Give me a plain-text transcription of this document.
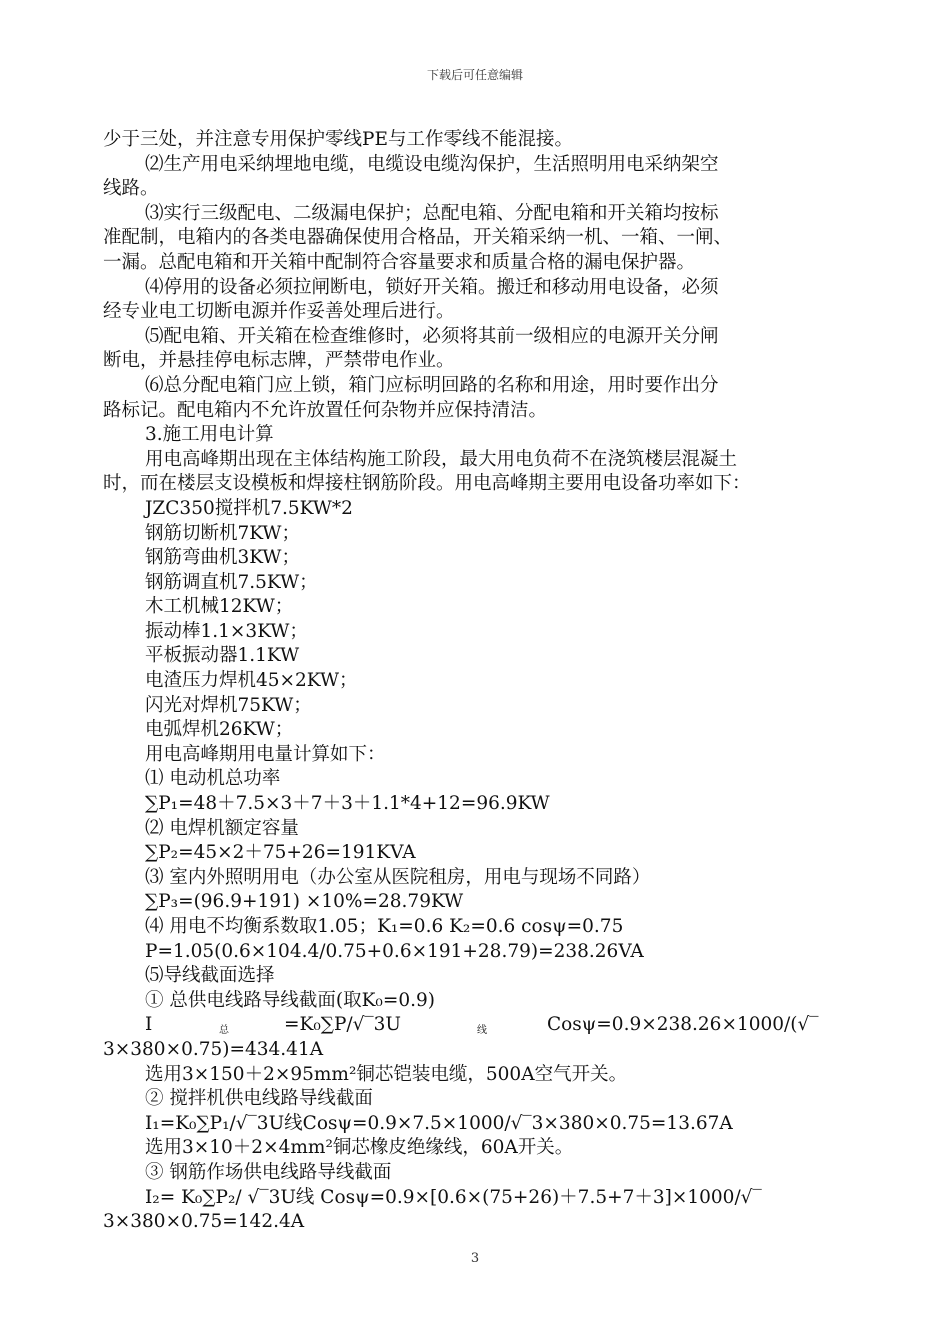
下载后可任意编辑
少于三处，并注意专用保护零线PE与工作零线不能混接。
⑵生产用电采纳埋地电缆，电缆设电缆沟保护，生活照明用电采纳架空
线路。
⑶实行三级配电、二级漏电保护；总配电箱、分配电箱和开关箱均按标
准配制，电箱内的各类电器确保使用合格品，开关箱采纳一机、一箱、一闸、
一漏。总配电箱和开关箱中配制符合容量要求和质量合格的漏电保护器。
⑷停用的设备必须拉闸断电，锁好开关箱。搬迁和移动用电设备，必须
经专业电工切断电源并作妥善处理后进行。
⑸配电箱、开关箱在检查维修时，必须将其前一级相应的电源开关分闸
断电，并悬挂停电标志牌，严禁带电作业。
⑹总分配电箱门应上锁，箱门应标明回路的名称和用途，用时要作出分
路标记。配电箱内不允许放置任何杂物并应保持清洁。
3.施工用电计算
用电高峰期出现在主体结构施工阶段，最大用电负荷不在浇筑楼层混凝土
时，而在楼层支设模板和焊接柱钢筋阶段。用电高峰期主要用电设备功率如下：
JZC350搅拌机7.5KW*2
钢筋切断机7KW；
钢筋弯曲机3KW；
钢筋调直机7.5KW；
木工机械12KW；
振动棒1.1×3KW；
平板振动器1.1KW
电渣压力焊机45×2KW；
闪光对焊机75KW；
电弧焊机26KW；
用电高峰期用电量计算如下：
⑴ 电动机总功率
∑P₁=48＋7.5×3＋7＋3＋1.1*4+12=96.9KW
⑵ 电焊机额定容量
∑P₂=45×2＋75+26=191KVA
⑶ 室内外照明用电（办公室从医院租房，用电与现场不同路）
∑P₃=(96.9+191) ×10%=28.79KW
⑷ 用电不均衡系数取1.05；K₁=0.6 K₂=0.6 cosψ=0.75
P=1.05(0.6×104.4/0.75+0.6×191+28.79)=238.26VA
⑸导线截面选择
① 总供电线路导线截面(取K₀=0.9)
I	总	=K₀∑P/√‾3U	线	Cosψ=0.9×238.26×1000/(√‾
3×380×0.75)=434.41A
选用3×150＋2×95mm²铜芯铠装电缆，500A空气开关。
② 搅拌机供电线路导线截面
I₁=K₀∑P₁/√‾3U线Cosψ=0.9×7.5×1000/√‾3×380×0.75=13.67A
选用3×10＋2×4mm²铜芯橡皮绝缘线，60A开关。
③ 钢筋作场供电线路导线截面
I₂= K₀∑P₂/ √‾3U线 Cosψ=0.9×[0.6×(75+26)＋7.5+7＋3]×1000/√‾
3×380×0.75=142.4A
3
